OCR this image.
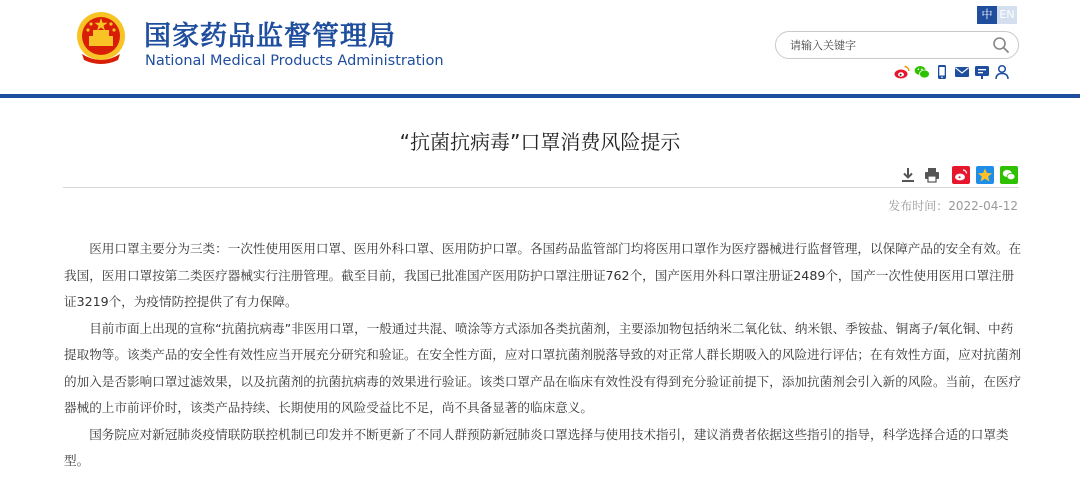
国家药品监督管理局
National Medical Products Administration
中 EN
请输入关键字
“抗菌抗病毒”口罩消费风险提示
发布时间：2022-04-12

医用口罩主要分为三类：一次性使用医用口罩、医用外科口罩、医用防护口罩。各国药品监管部门均将医用口罩作为医疗器械进行监督管理，以保障产品的安全有效。在我国，医用口罩按第二类医疗器械实行注册管理。截至目前，我国已批准国产医用防护口罩注册证762个，国产医用外科口罩注册证2489个，国产一次性使用医用口罩注册证3219个，为疫情防控提供了有力保障。

目前市面上出现的宣称“抗菌抗病毒”非医用口罩，一般通过共混、喷涂等方式添加各类抗菌剂，主要添加物包括纳米二氧化钛、纳米银、季铵盐、铜离子/氧化铜、中药提取物等。该类产品的安全性有效性应当开展充分研究和验证。在安全性方面，应对口罩抗菌剂脱落导致的对正常人群长期吸入的风险进行评估；在有效性方面，应对抗菌剂的加入是否影响口罩过滤效果，以及抗菌剂的抗菌抗病毒的效果进行验证。该类口罩产品在临床有效性没有得到充分验证前提下，添加抗菌剂会引入新的风险。当前，在医疗器械的上市前评价时，该类产品持续、长期使用的风险受益比不足，尚不具备显著的临床意义。

国务院应对新冠肺炎疫情联防联控机制已印发并不断更新了不同人群预防新冠肺炎口罩选择与使用技术指引，建议消费者依据这些指引的指导，科学选择合适的口罩类型。
